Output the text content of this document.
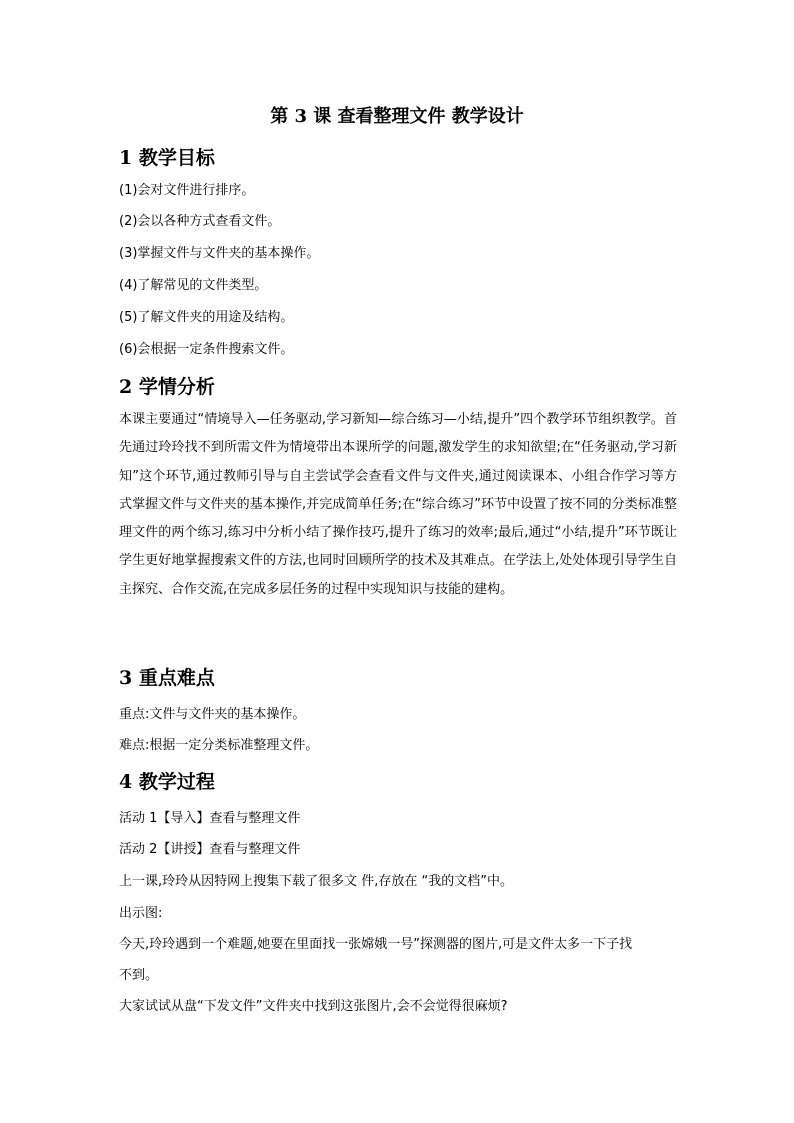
第 3 课 查看整理文件 教学设计
1 教学目标
(1)会对文件进行排序。
(2)会以各种方式查看文件。
(3)掌握文件与文件夹的基本操作。
(4)了解常见的文件类型。
(5)了解文件夹的用途及结构。
(6)会根据一定条件搜索文件。
2 学情分析
本课主要通过“情境导入—任务驱动,学习新知—综合练习—小结,提升”四个教学环节组织教学。首先通过玲玲找不到所需文件为情境带出本课所学的问题,激发学生的求知欲望;在“任务驱动,学习新知”这个环节,通过教师引导与自主尝试学会查看文件与文件夹,通过阅读课本、小组合作学习等方式掌握文件与文件夹的基本操作,并完成简单任务;在“综合练习”环节中设置了按不同的分类标准整理文件的两个练习,练习中分析小结了操作技巧,提升了练习的效率;最后,通过“小结,提升”环节既让学生更好地掌握搜索文件的方法,也同时回顾所学的技术及其难点。在学法上,处处体现引导学生自主探究、合作交流,在完成多层任务的过程中实现知识与技能的建构。
3 重点难点
重点:文件与文件夹的基本操作。
难点:根据一定分类标准整理文件。
4 教学过程
活动 1【导入】查看与整理文件
活动 2【讲授】查看与整理文件
上一课,玲玲从因特网上搜集下载了很多文 件,存放在 “我的文档”中。
出示图:
今天,玲玲遇到一个难题,她要在里面找一张嫦娥一号”探测器的图片,可是文件太多一下子找
不到。
大家试试从盘“下发文件”文件夹中找到这张图片,会不会觉得很麻烦?
